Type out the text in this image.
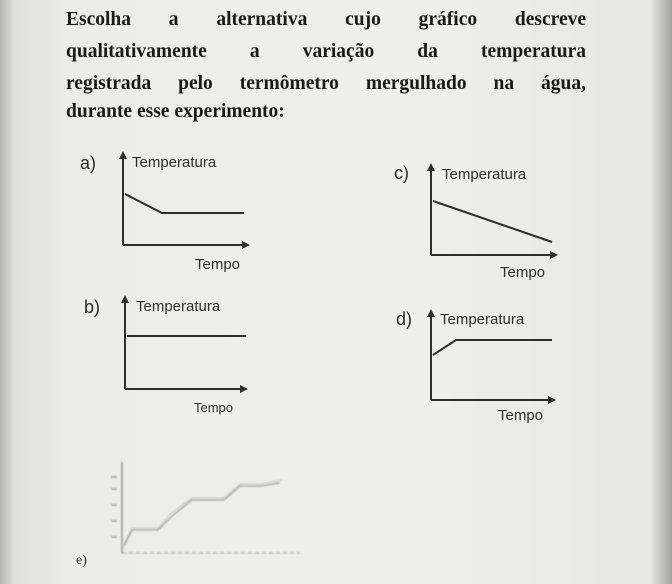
Escolha a alternativa cujo gráfico descreve
qualitativamente a variação da temperatura
registrada pelo termômetro mergulhado na água,
durante esse experimento:
a) Temperatura
Tempo
c) Temperatura
Tempo
b) Temperatura
Tempo
d) Temperatura
Tempo
e)
